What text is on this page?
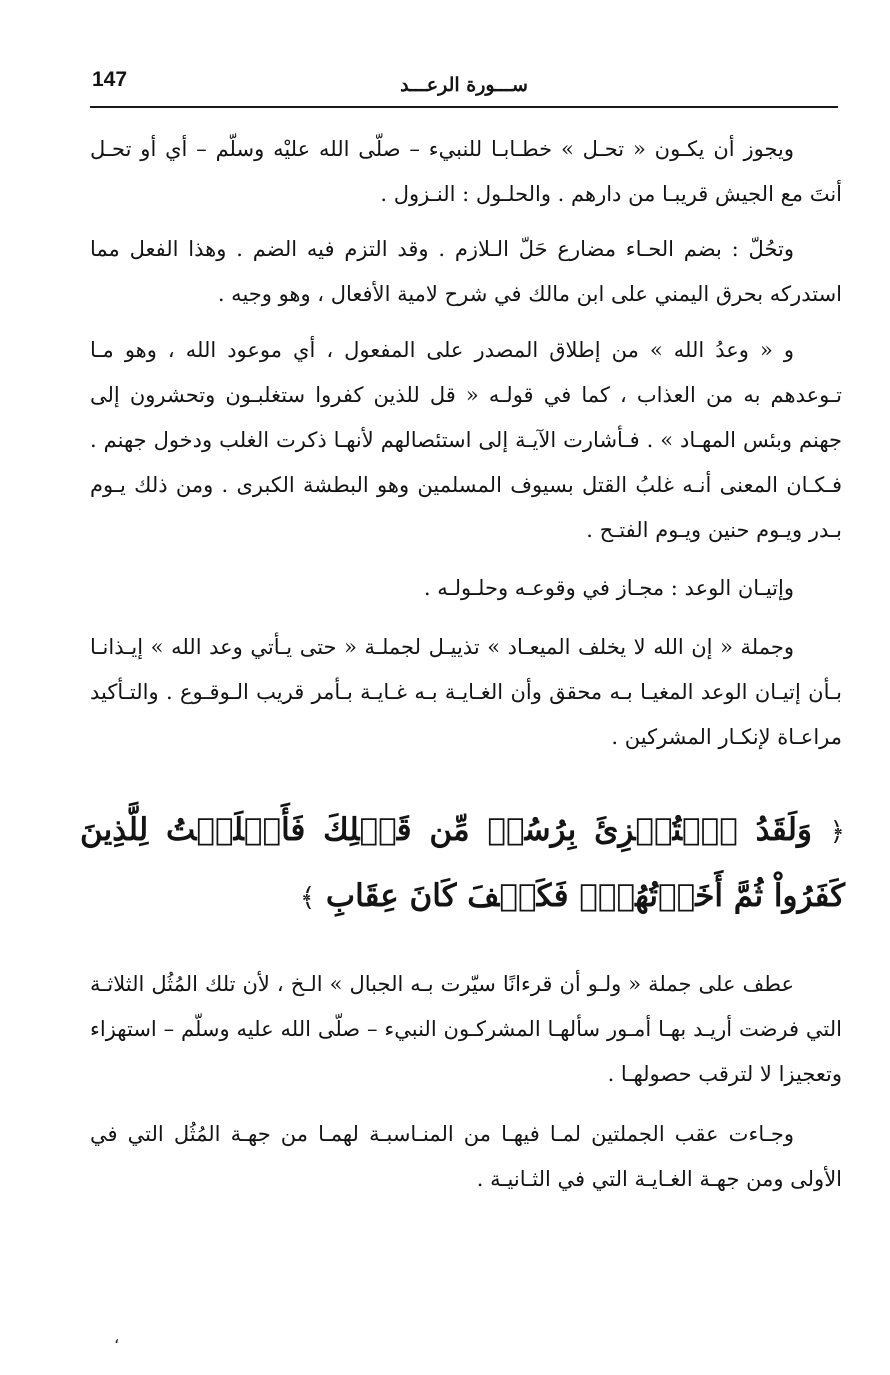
147	ســـورة الرعـــد

ويجوز أن يكـون « تحـل » خطـابـا للنبيء – صلّى الله عليْه وسلّم – أي أو تحـل أنتَ مع الجيش قريبـا من دارهم . والحلـول : النـزول .

وتحُلّ : بضم الحـاء مضارع حَلّ الـلازم . وقد التزم فيه الضم . وهذا الفعل مما استدركه بحرق اليمني على ابن مالك في شرح لامية الأفعال ، وهو وجيه .

و « وعدُ الله » من إطلاق المصدر على المفعول ، أي موعود الله ، وهو مـا تـوعدهم به من العذاب ، كما في قولـه « قل للذين كفروا ستغلبـون وتحشرون إلى جهنم وبئس المهـاد » . فـأشارت الآيـة إلى استئصالهم لأنهـا ذكرت الغلب ودخول جهنم . فـكـان المعنى أنـه غلبُ القتل بسيوف المسلمين وهو البطشة الكبرى . ومن ذلك يـوم بـدر ويـوم حنين ويـوم الفتـح .

وإتيـان الوعد : مجـاز في وقوعـه وحلـولـه .

وجملة « إن الله لا يخلف الميعـاد » تذييـل لجملـة « حتى يـأتي وعد الله » إيـذانـا بـأن إتيـان الوعد المغيـا بـه محقق وأن الغـايـة بـه غـايـة بـأمر قريب الـوقـوع . والتـأكيد مراعـاة لإنكـار المشركين .

﴿ وَلَقَدُ ٱسۡتُهۡزِئَ بِرُسُلٖ مِّن قَبۡلِكَ فَأَمۡلَيۡتُ لِلَّذِينَ كَفَرُواْ ثُمَّ أَخَذۡتُهُمۡۖ فَكَيۡفَ كَانَ عِقَابِ ﴾

عطف على جملة « ولـو أن قرءانًا سيّرت بـه الجبال » الـخ ، لأن تلك المُثُل الثلاثـة التي فرضت أريـد بهـا أمـور سألهـا المشركـون النبيء – صلّى الله عليه وسلّم – استهزاء وتعجيزا لا لترقب حصولهـا .

وجـاءت عقب الجملتين لمـا فيهـا من المنـاسبـة لهمـا من جهـة المُثُل التي في الأولى ومن جهـة الغـايـة التي في الثـانيـة .

،
